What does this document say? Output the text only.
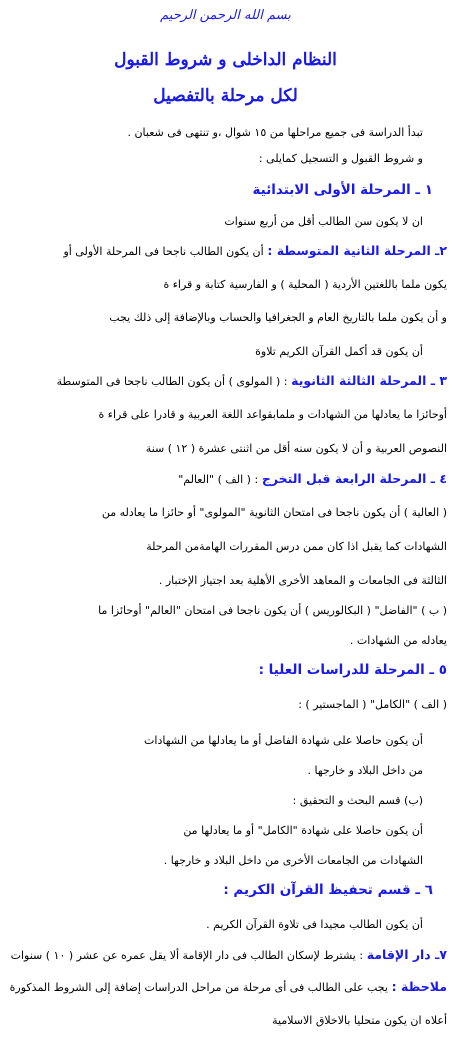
بسم الله الرحمن الرحيم
النظام الداخلى و شروط القبول
لكل مرحلة بالتفصيل
تبدأ الدراسة فى جميع مراحلها من ١٥ شوال ،و تنتهى فى شعبان .
و شروط القبول و التسجيل كمايلى :
١ ـ المرحلة الأولى الابتدائية
ان لا يكون سن الطالب أقل من أربع سنوات
٢ـ المرحلة الثانية المتوسطة : أن يكون الطالب ناجحا فى المرحلة الأولى أو
يكون ملما باللغتين الأردية ( المحلية ) و الفارسية كتابة و قراء ة
و أن يكون ملما بالتاريخ العام و الجغرافيا والحساب وبالإضافة إلى ذلك يجب
أن يكون قد أكمل القرآن الكريم تلاوة
٣ ـ المرحلة الثالثة الثانوية : ( المولوى ) أن يكون الطالب ناجحا فى المتوسطة
أوحائزا ما يعادلها من الشهادات و ملمابقواعد اللغة العربية و قادرا على قراء ة
النصوص العربية و أن لا يكون سنه أقل من اثنتى عشرة ( ١٢ ) سنة
٤ ـ المرحلة الرابعة قبل التخرج : ( الف ) "العالم"
( العالية ) أن يكون ناجحا فى امتحان الثانوية "المولوى" أو حائزا ما يعادله من
الشهادات كما يقبل اذا كان ممن درس المقررات الهامةمن المرحلة
الثالثة فى الجامعات و المعاهد الأخرى الأهلية بعد اجتياز الإختبار .
( ب ) "الفاضل" ( البكالوريس ) أن يكون ناجحا فى امتحان "العالم" أوحائزا ما
يعادله من الشهادات .
٥ ـ المرحلة للدراسات العليا :
( الف ) "الكامل" ( الماجستير ) :
أن يكون حاصلا على شهادة الفاضل أو ما يعادلها من الشهادات
من داخل البلاد و خارجها .
(ب) قسم البحث و التحقيق :
أن يكون حاصلا على شهادة "الكامل" أو ما يعادلها من
الشهادات من الجامعات الأخرى من داخل البلاد و خارجها .
٦ ـ قسم تحفيظ القرآن الكريم :
أن يكون الطالب مجيدا فى تلاوة القرآن الكريم .
٧ـ دار الإقامة : يشترط لإسكان الطالب فى دار الإقامة ألا يقل عمره عن عشر ( ١٠ ) سنوات
ملاحظة : يجب على الطالب فى أى مرحلة من مراحل الدراسات إضافة إلى الشروط المذكورة
أعلاه ان يكون متحليا بالاخلاق الاسلامية
